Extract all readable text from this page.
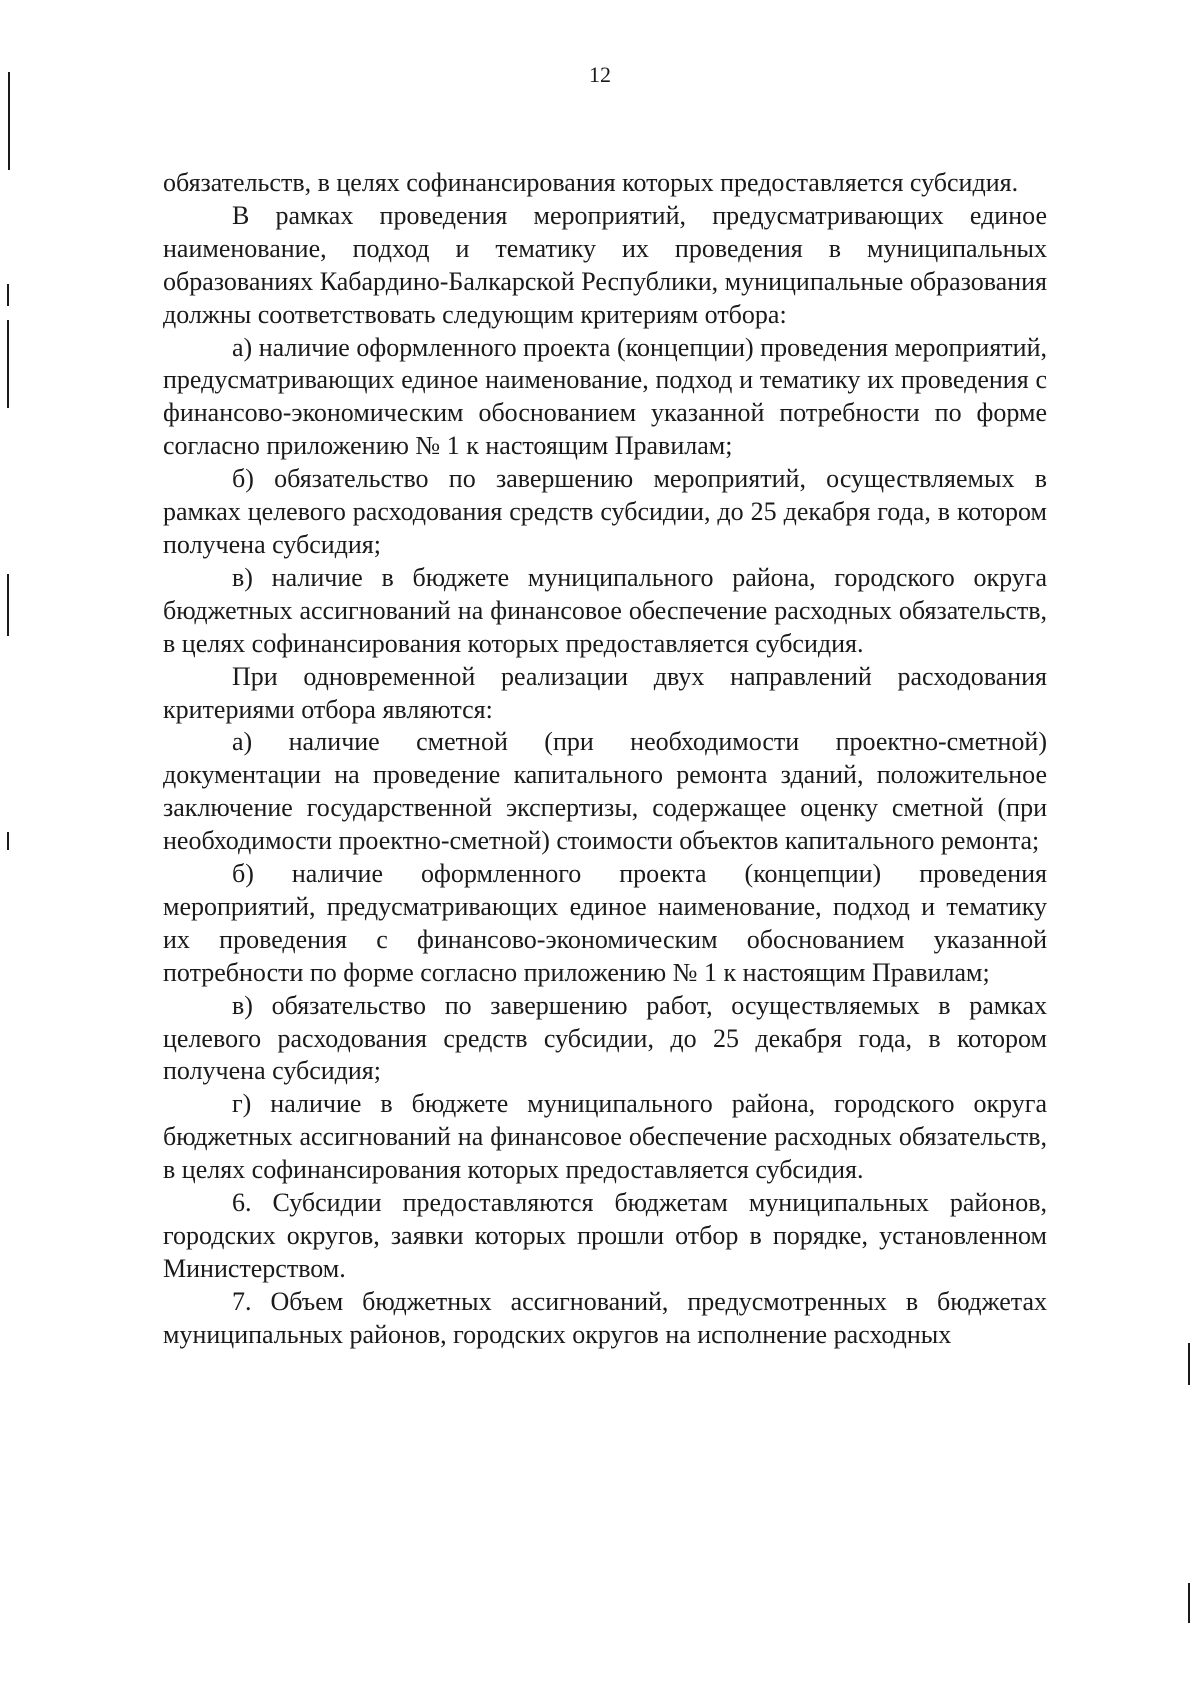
12

обязательств, в целях софинансирования которых предоставляется субсидия.

В рамках проведения мероприятий, предусматривающих единое наименование, подход и тематику их проведения в муниципальных образованиях Кабардино-Балкарской Республики, муниципальные образования должны соответствовать следующим критериям отбора:

а) наличие оформленного проекта (концепции) проведения мероприятий, предусматривающих единое наименование, подход и тематику их проведения с финансово-экономическим обоснованием указанной потребности по форме согласно приложению № 1 к настоящим Правилам;

б) обязательство по завершению мероприятий, осуществляемых в рамках целевого расходования средств субсидии, до 25 декабря года, в котором получена субсидия;

в) наличие в бюджете муниципального района, городского округа бюджетных ассигнований на финансовое обеспечение расходных обязательств, в целях софинансирования которых предоставляется субсидия.

При одновременной реализации двух направлений расходования критериями отбора являются:

а) наличие сметной (при необходимости проектно-сметной) документации на проведение капитального ремонта зданий, положительное заключение государственной экспертизы, содержащее оценку сметной (при необходимости проектно-сметной) стоимости объектов капитального ремонта;

б) наличие оформленного проекта (концепции) проведения мероприятий, предусматривающих единое наименование, подход и тематику их проведения с финансово-экономическим обоснованием указанной потребности по форме согласно приложению № 1 к настоящим Правилам;

в) обязательство по завершению работ, осуществляемых в рамках целевого расходования средств субсидии, до 25 декабря года, в котором получена субсидия;

г) наличие в бюджете муниципального района, городского округа бюджетных ассигнований на финансовое обеспечение расходных обязательств, в целях софинансирования которых предоставляется субсидия.

6. Субсидии предоставляются бюджетам муниципальных районов, городских округов, заявки которых прошли отбор в порядке, установленном Министерством.

7. Объем бюджетных ассигнований, предусмотренных в бюджетах муниципальных районов, городских округов на исполнение расходных
